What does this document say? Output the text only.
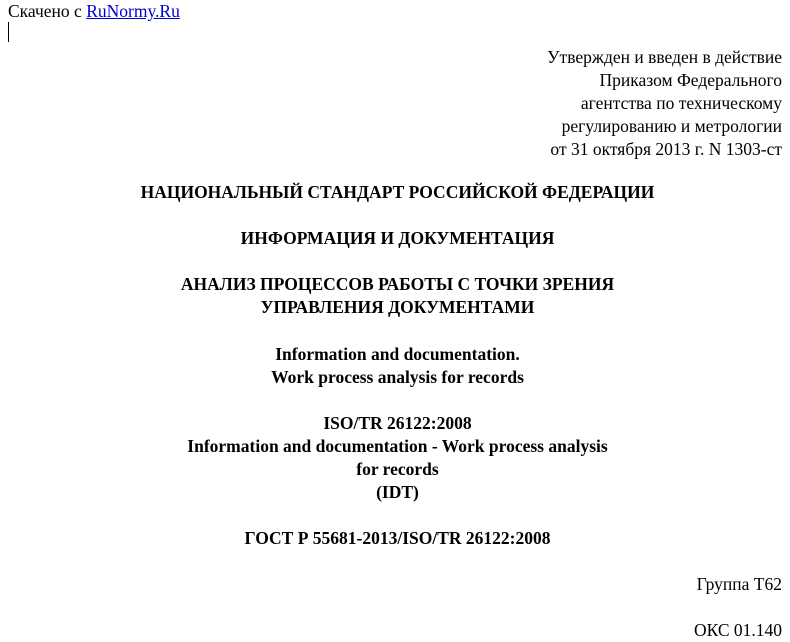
Скачено с RuNormy.Ru
Утвержден и введен в действие
Приказом Федерального
агентства по техническому
регулированию и метрологии
от 31 октября 2013 г. N 1303-ст
НАЦИОНАЛЬНЫЙ СТАНДАРТ РОССИЙСКОЙ ФЕДЕРАЦИИ
ИНФОРМАЦИЯ И ДОКУМЕНТАЦИЯ
АНАЛИЗ ПРОЦЕССОВ РАБОТЫ С ТОЧКИ ЗРЕНИЯ
УПРАВЛЕНИЯ ДОКУМЕНТАМИ
Information and documentation.
Work process analysis for records
ISO/TR 26122:2008
Information and documentation - Work process analysis
for records
(IDT)
ГОСТ Р 55681-2013/ISO/TR 26122:2008
Группа Т62
ОКС 01.140
